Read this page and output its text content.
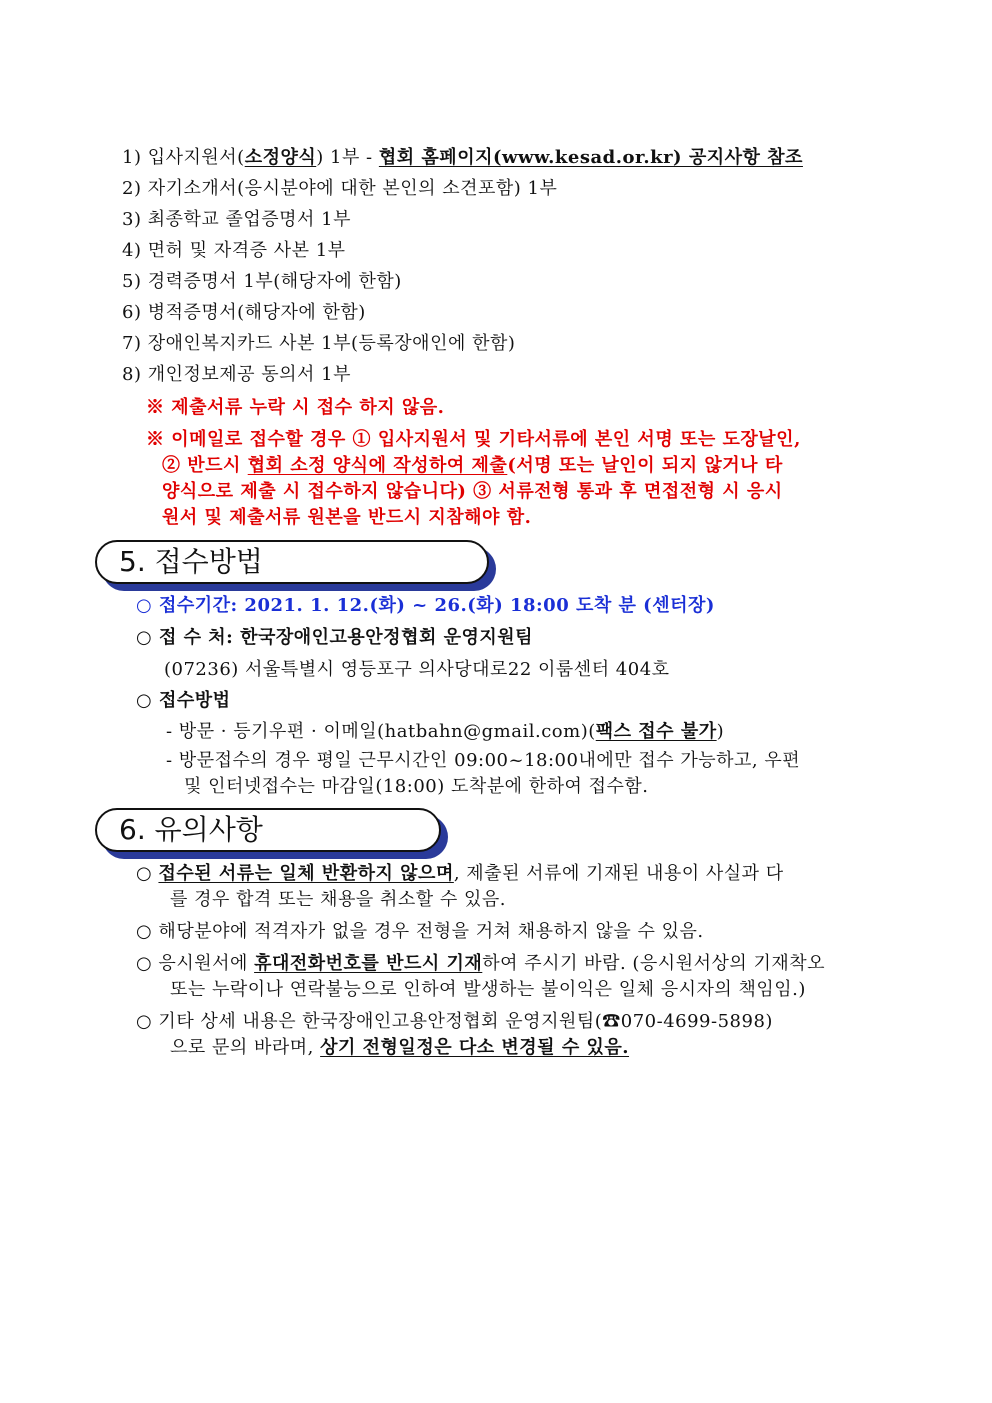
1) 입사지원서(소정양식) 1부 - 협회 홈페이지(www.kesad.or.kr) 공지사항 참조
2) 자기소개서(응시분야에 대한 본인의 소견포함) 1부
3) 최종학교 졸업증명서 1부
4) 면허 및 자격증 사본 1부
5) 경력증명서 1부(해당자에 한함)
6) 병적증명서(해당자에 한함)
7) 장애인복지카드 사본 1부(등록장애인에 한함)
8) 개인정보제공 동의서 1부
※ 제출서류 누락 시 접수 하지 않음.
※ 이메일로 접수할 경우 ① 입사지원서 및 기타서류에 본인 서명 또는 도장날인,
② 반드시 협회 소정 양식에 작성하여 제출(서명 또는 날인이 되지 않거나 타
양식으로 제출 시 접수하지 않습니다) ③ 서류전형 통과 후 면접전형 시 응시
원서 및 제출서류 원본을 반드시 지참해야 함.
5. 접수방법
○ 접수기간: 2021. 1. 12.(화) ~ 26.(화) 18:00 도착 분 (센터장)
○ 접 수 처: 한국장애인고용안정협회 운영지원팀
(07236) 서울특별시 영등포구 의사당대로22 이룸센터 404호
○ 접수방법
- 방문 · 등기우편 · 이메일(hatbahn@gmail.com)(팩스 접수 불가)
- 방문접수의 경우 평일 근무시간인 09:00~18:00내에만 접수 가능하고, 우편
및 인터넷접수는 마감일(18:00) 도착분에 한하여 접수함.
6. 유의사항
○ 접수된 서류는 일체 반환하지 않으며, 제출된 서류에 기재된 내용이 사실과 다
를 경우 합격 또는 채용을 취소할 수 있음.
○ 해당분야에 적격자가 없을 경우 전형을 거쳐 채용하지 않을 수 있음.
○ 응시원서에 휴대전화번호를 반드시 기재하여 주시기 바람. (응시원서상의 기재착오
또는 누락이나 연락불능으로 인하여 발생하는 불이익은 일체 응시자의 책임임.)
○ 기타 상세 내용은 한국장애인고용안정협회 운영지원팀(☎070-4699-5898)
으로 문의 바라며, 상기 전형일정은 다소 변경될 수 있음.
